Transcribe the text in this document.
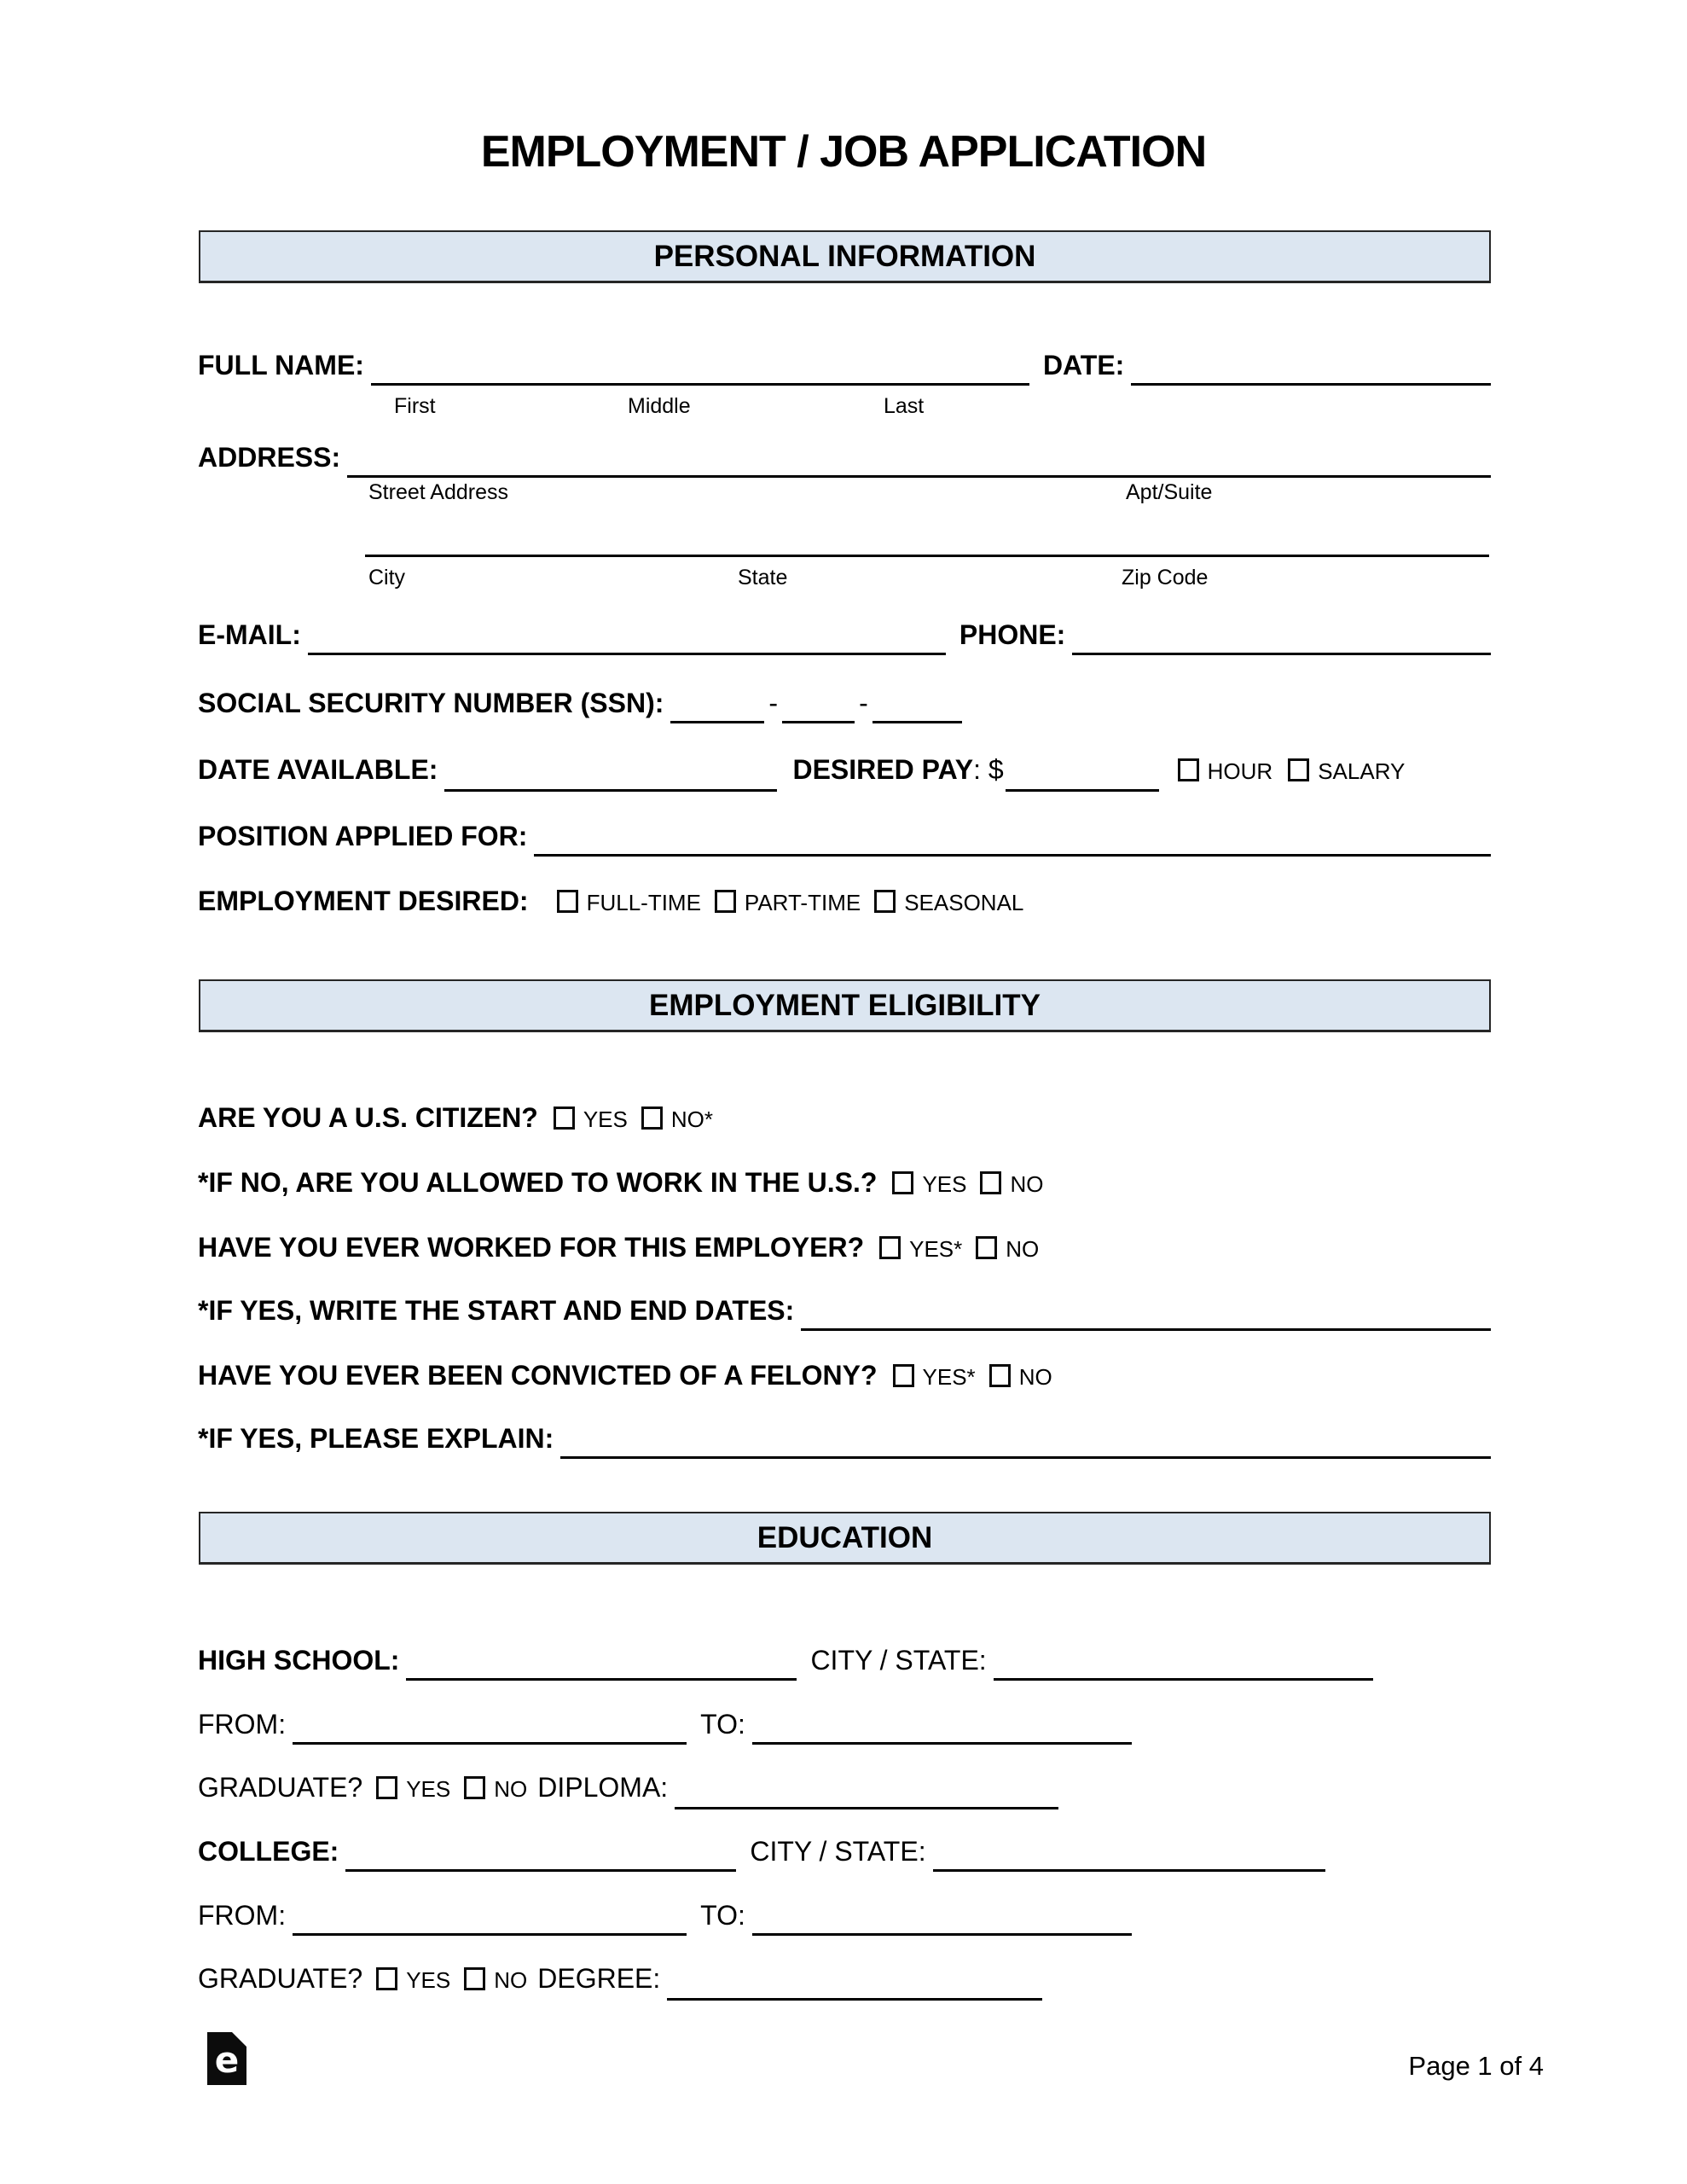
EMPLOYMENT / JOB APPLICATION
PERSONAL INFORMATION
FULL NAME:	DATE:
First	Middle	Last
ADDRESS:
Street Address	Apt/Suite
City	State	Zip Code
E-MAIL:	PHONE:
SOCIAL SECURITY NUMBER (SSN):	-	-
DATE AVAILABLE:	DESIRED PAY : $	HOUR SALARY
POSITION APPLIED FOR:
EMPLOYMENT DESIRED:	FULL-TIME PART-TIME SEASONAL
EMPLOYMENT ELIGIBILITY
ARE YOU A U.S. CITIZEN? YES NO*
*IF NO, ARE YOU ALLOWED TO WORK IN THE U.S.? YES NO
HAVE YOU EVER WORKED FOR THIS EMPLOYER? YES* NO
*IF YES, WRITE THE START AND END DATES:
HAVE YOU EVER BEEN CONVICTED OF A FELONY? YES* NO
*IF YES, PLEASE EXPLAIN:
EDUCATION
HIGH SCHOOL:	CITY / STATE:
FROM:	TO:
GRADUATE? YES NO DIPLOMA:
COLLEGE:	CITY / STATE:
FROM:	TO:
GRADUATE? YES NO DEGREE:
e	Page 1 of 4
